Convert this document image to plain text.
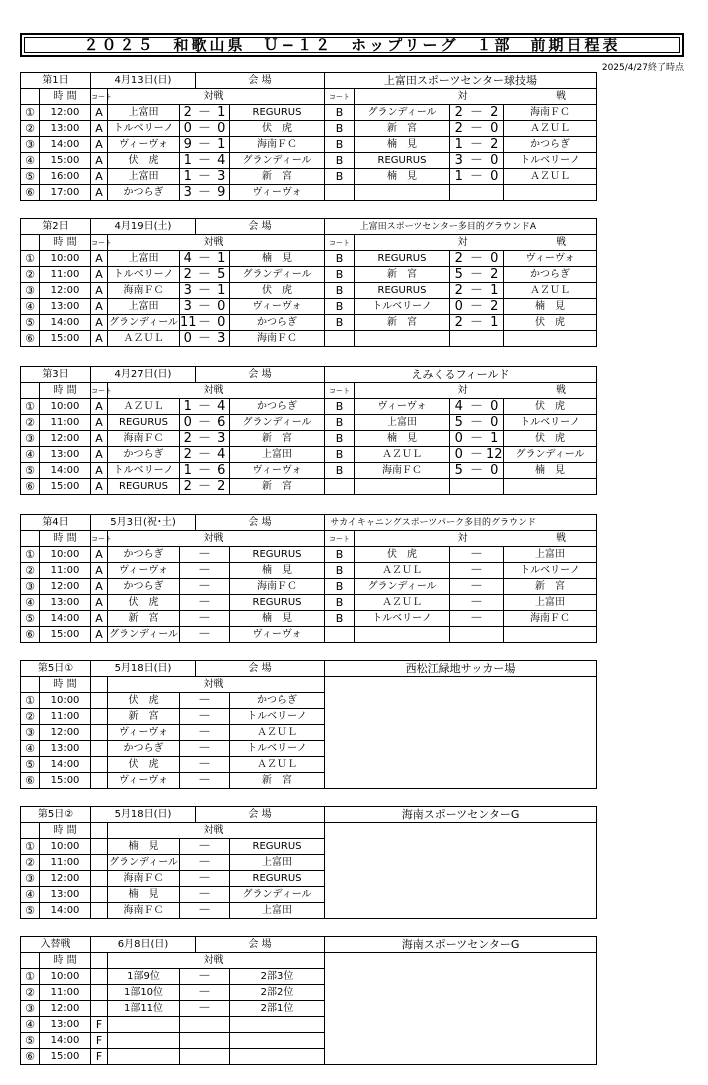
２０２５　和歌山県　Ｕ−１２　ホップリーグ　１部　前期日程表
2025/4/27終了時点
第1日		4月13日(日)			会 場			上富田スポーツセンター球技場					
	時 間	コート	対			戦		コート	対		戦		
①	12:00	A	上富田	2	－	1	REGURUS	B	グランディール	2	－	2	海南ＦＣ
②	13:00	A	トルベリーノ	0	－	0	伏　虎	B	新　宮	2	－	0	ＡＺＵＬ
③	14:00	A	ヴィーヴォ	9	－	1	海南ＦＣ	B	楠　見	1	－	2	かつらぎ
④	15:00	A	伏　虎	1	－	4	グランディール	B	REGURUS	3	－	0	トルベリーノ
⑤	16:00	A	上富田	1	－	3	新　宮	B	楠　見	1	－	0	ＡＺＵＬ
⑥	17:00	A	かつらぎ	3	－	9	ヴィーヴォ						
第2日		4月19日(土)			会 場			上富田スポーツセンター多目的グラウンドA					
	時 間	コート	対			戦		コート	対		戦		
①	10:00	A	上富田	4	－	1	楠　見	B	REGURUS	2	－	0	ヴィーヴォ
②	11:00	A	トルベリーノ	2	－	5	グランディール	B	新　宮	5	－	2	かつらぎ
③	12:00	A	海南ＦＣ	3	－	1	伏　虎	B	REGURUS	2	－	1	ＡＺＵＬ
④	13:00	A	上富田	3	－	0	ヴィーヴォ	B	トルベリーノ	0	－	2	楠　見
⑤	14:00	A	グランディール	11	－	0	かつらぎ	B	新　宮	2	－	1	伏　虎
⑥	15:00	A	ＡＺＵＬ	0	－	3	海南ＦＣ						
第3日		4月27日(日)			会 場			えみくるフィールド					
	時 間	コート	対			戦		コート	対		戦		
①	10:00	A	ＡＺＵＬ	1	－	4	かつらぎ	B	ヴィーヴォ	4	－	0	伏　虎
②	11:00	A	REGURUS	0	－	6	グランディール	B	上富田	5	－	0	トルベリーノ
③	12:00	A	海南ＦＣ	2	－	3	新　宮	B	楠　見	0	－	1	伏　虎
④	13:00	A	かつらぎ	2	－	4	上富田	B	ＡＺＵＬ	0	－	12	グランディール
⑤	14:00	A	トルベリーノ	1	－	6	ヴィーヴォ	B	海南ＦＣ	5	－	0	楠　見
⑥	15:00	A	REGURUS	2	－	2	新　宮						
第4日		5月3日(祝･土)			会 場			サカイキャニングスポーツパーク多目的グラウンド					
	時 間	コート	対			戦		コート	対		戦		
①	10:00	A	かつらぎ		－		REGURUS	B	伏　虎		－		上富田
②	11:00	A	ヴィーヴォ		－		楠　見	B	ＡＺＵＬ		－		トルベリーノ
③	12:00	A	かつらぎ		－		海南ＦＣ	B	グランディール		－		新　宮
④	13:00	A	伏　虎		－		REGURUS	B	ＡＺＵＬ		－		上富田
⑤	14:00	A	新　宮		－		楠　見	B	トルベリーノ		－		海南ＦＣ
⑥	15:00	A	グランディール		－		ヴィーヴォ						
第5日①		5月18日(日)			会 場			西松江緑地サッカー場
	時 間		対			戦		
①	10:00		伏　虎		－		かつらぎ	
②	11:00		新　宮		－		トルベリーノ	
③	12:00		ヴィーヴォ		－		ＡＺＵＬ	
④	13:00		かつらぎ		－		トルベリーノ	
⑤	14:00		伏　虎		－		ＡＺＵＬ	
⑥	15:00		ヴィーヴォ		－		新　宮	
第5日②		5月18日(日)			会 場			海南スポーツセンターG
	時 間		対			戦		
①	10:00		楠　見		－		REGURUS	
②	11:00		グランディール		－		上富田	
③	12:00		海南ＦＣ		－		REGURUS	
④	13:00		楠　見		－		グランディール	
⑤	14:00		海南ＦＣ		－		上富田	
入替戦		6月8日(日)			会 場			海南スポーツセンターG
	時 間		対			戦		
①	10:00		1部9位		－		2部3位	
②	11:00		1部10位		－		2部2位	
③	12:00		1部11位		－		2部1位	
④	13:00	F						
⑤	14:00	F						
⑥	15:00	F						
